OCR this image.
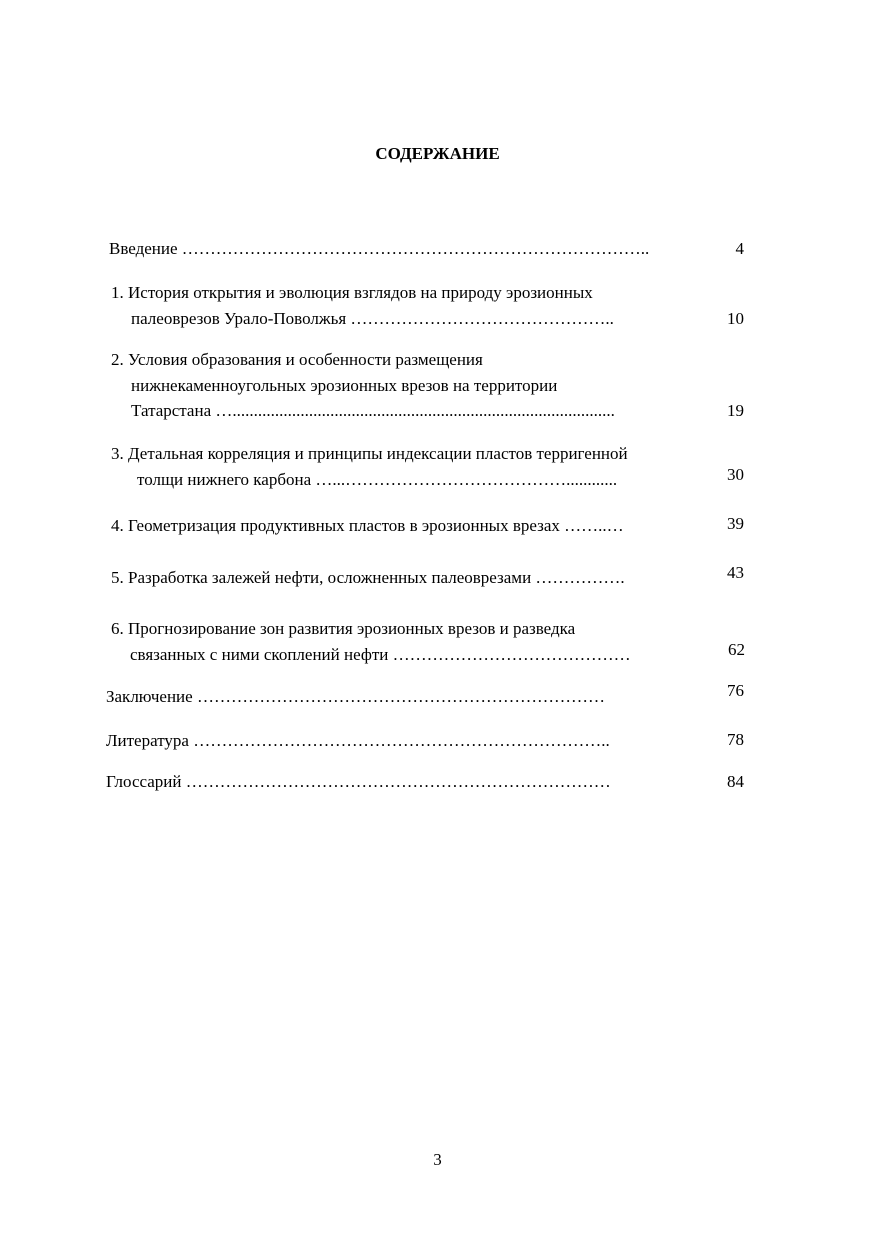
СОДЕРЖАНИЕ
Введение ………………………………………………………………………..	4
1. История открытия и эволюция взглядов на природу эрозионных
палеоврезов Урало-Поволжья ………………………………………..	10
2. Условия образования и особенности размещения
нижнекаменноугольных эрозионных врезов на территории
Татарстана …..........................................................................................	19
3. Детальная корреляция и принципы индексации пластов терригенной
толщи нижнего карбона …...…………………………………............	30
4. Геометризация продуктивных пластов в эрозионных врезах ……..…	39
5. Разработка залежей нефти, осложненных палеоврезами …………….	43
6. Прогнозирование зон развития эрозионных врезов и разведка
связанных с ними скоплений нефти ……………………………………	62
Заключение ………………………………………………………………	76
Литература ………………………………………………………………..	78
Глоссарий …………………………………………………………………	84
3
